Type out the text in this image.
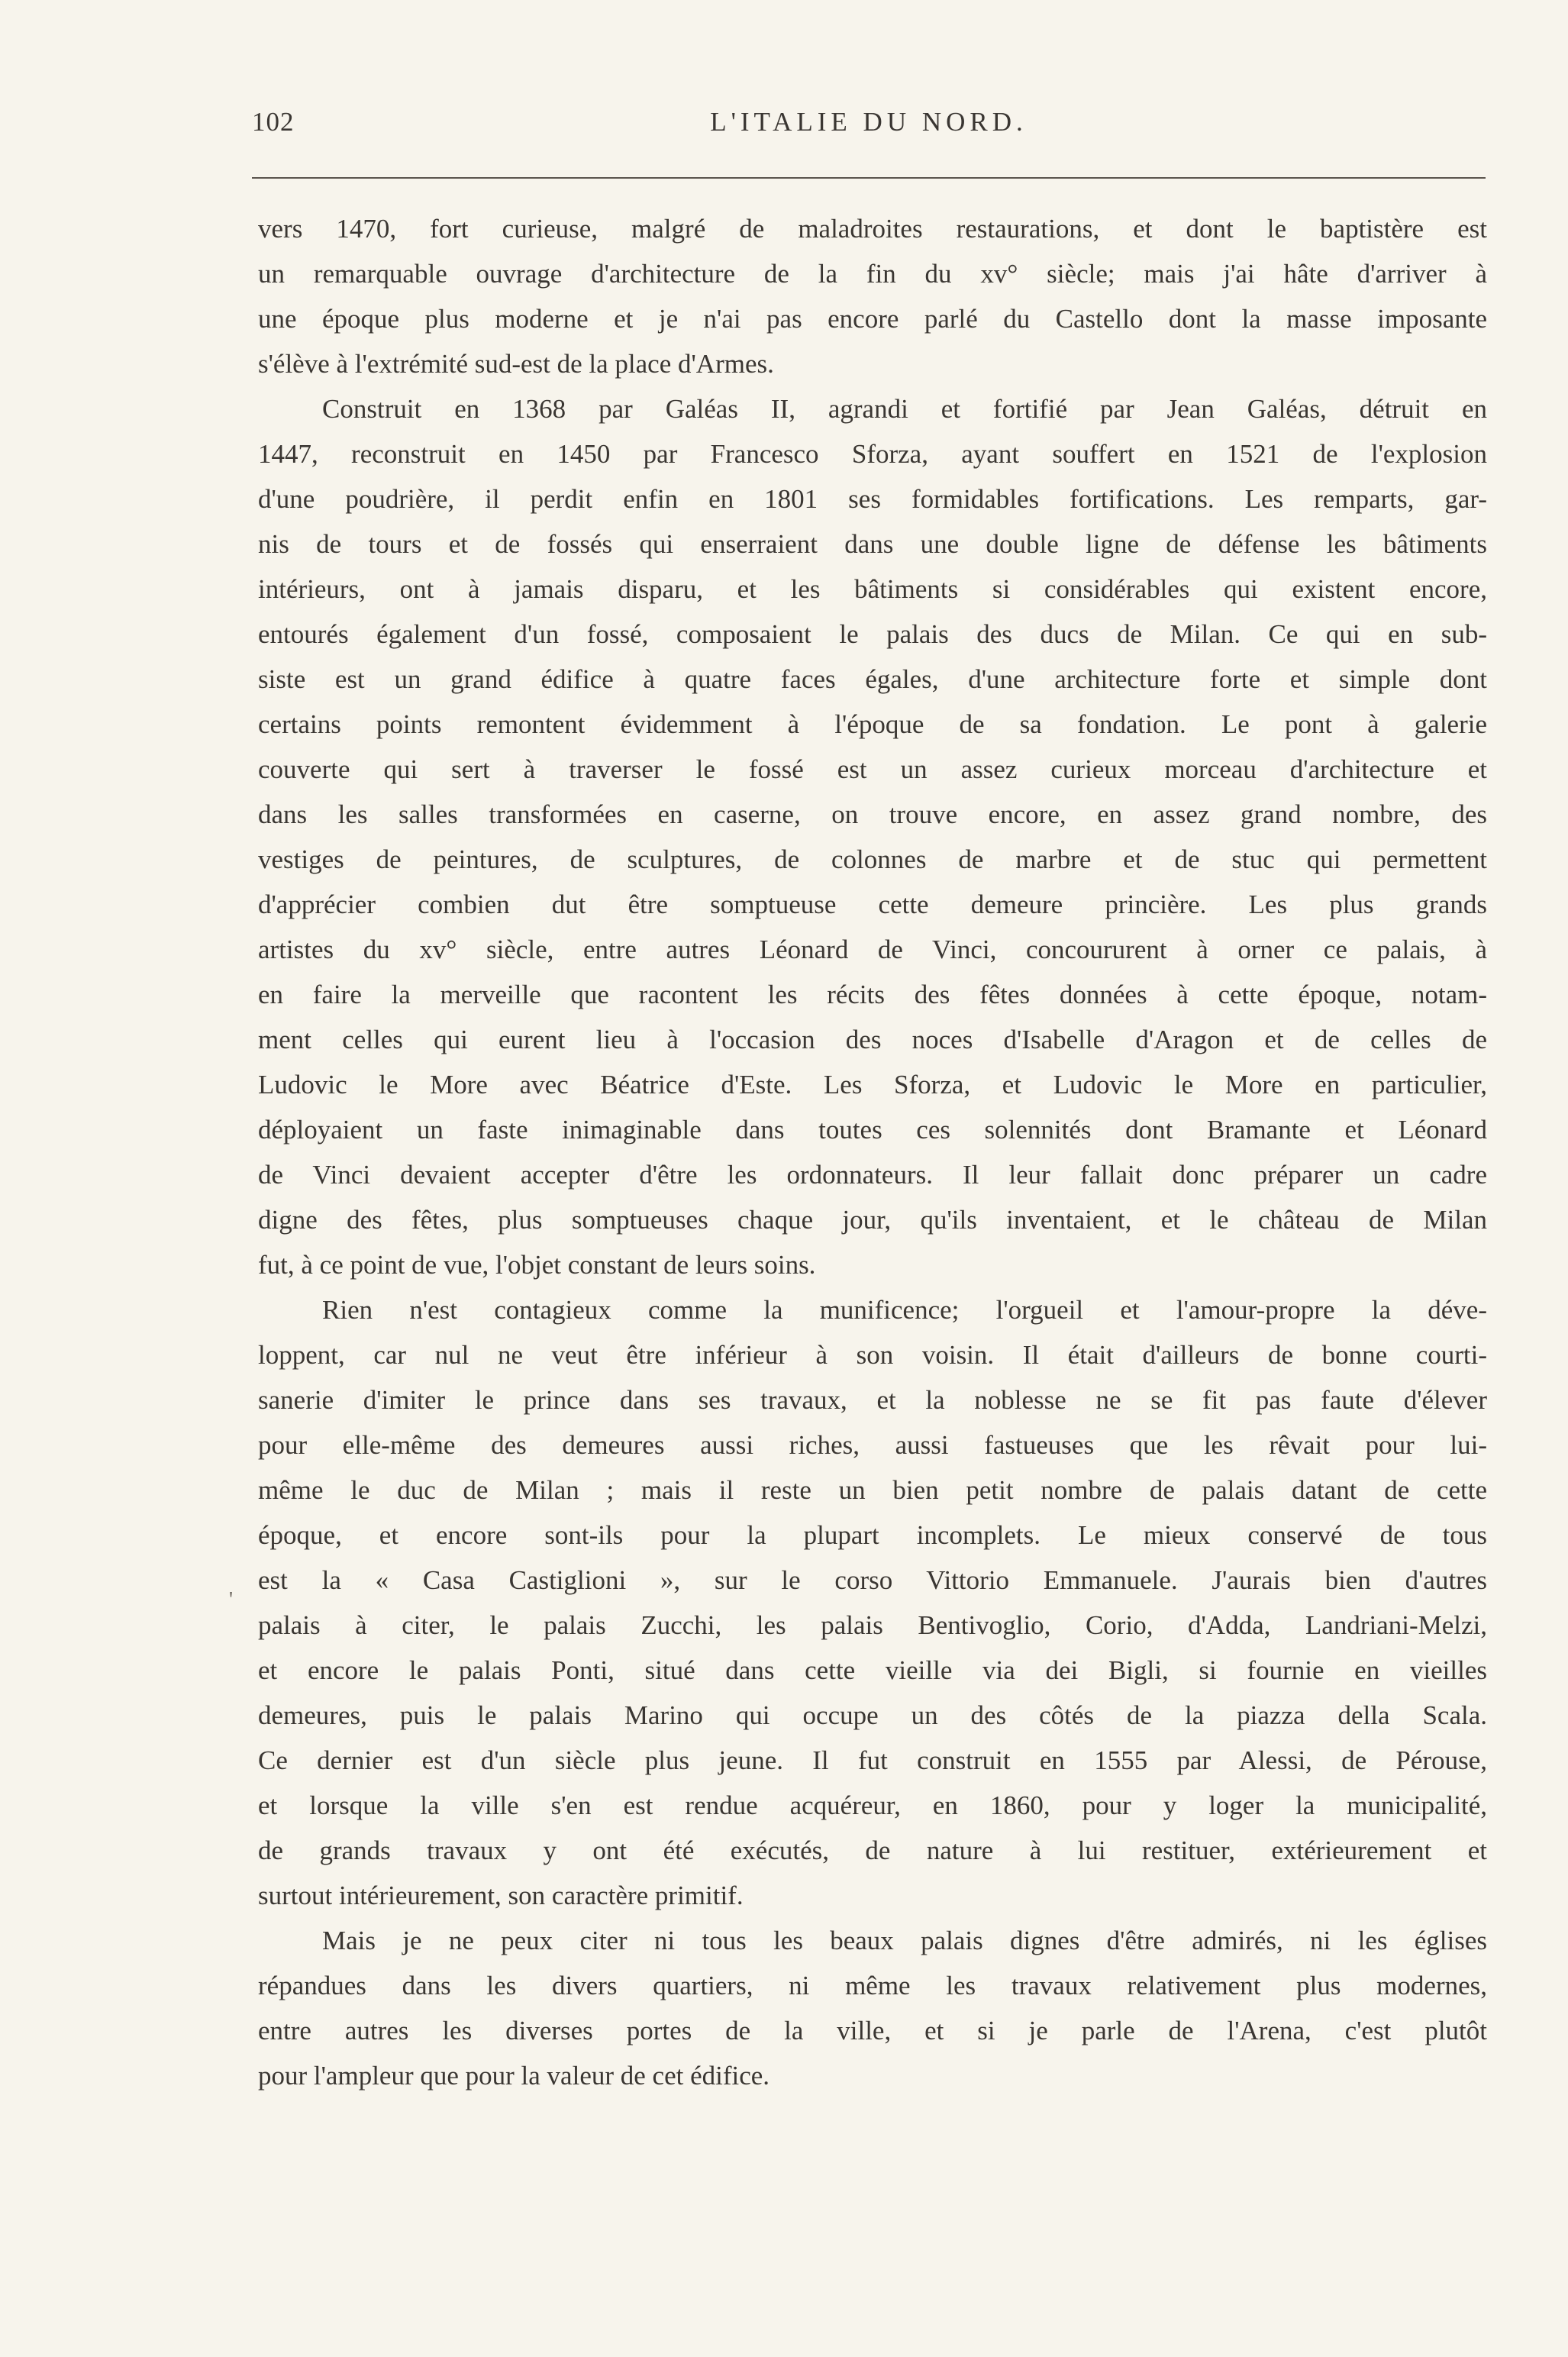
102	L'ITALIE DU NORD.
'
vers 1470, fort curieuse, malgré de maladroites restaurations, et dont le baptistère est
un remarquable ouvrage d'architecture de la fin du xv° siècle; mais j'ai hâte d'arriver à
une époque plus moderne et je n'ai pas encore parlé du Castello dont la masse imposante
s'élève à l'extrémité sud-est de la place d'Armes.
Construit en 1368 par Galéas II, agrandi et fortifié par Jean Galéas, détruit en
1447, reconstruit en 1450 par Francesco Sforza, ayant souffert en 1521 de l'explosion
d'une poudrière, il perdit enfin en 1801 ses formidables fortifications. Les remparts, gar-
nis de tours et de fossés qui enserraient dans une double ligne de défense les bâtiments
intérieurs, ont à jamais disparu, et les bâtiments si considérables qui existent encore,
entourés également d'un fossé, composaient le palais des ducs de Milan. Ce qui en sub-
siste est un grand édifice à quatre faces égales, d'une architecture forte et simple dont
certains points remontent évidemment à l'époque de sa fondation. Le pont à galerie
couverte qui sert à traverser le fossé est un assez curieux morceau d'architecture et
dans les salles transformées en caserne, on trouve encore, en assez grand nombre, des
vestiges de peintures, de sculptures, de colonnes de marbre et de stuc qui permettent
d'apprécier combien dut être somptueuse cette demeure princière. Les plus grands
artistes du xv° siècle, entre autres Léonard de Vinci, concoururent à orner ce palais, à
en faire la merveille que racontent les récits des fêtes données à cette époque, notam-
ment celles qui eurent lieu à l'occasion des noces d'Isabelle d'Aragon et de celles de
Ludovic le More avec Béatrice d'Este. Les Sforza, et Ludovic le More en particulier,
déployaient un faste inimaginable dans toutes ces solennités dont Bramante et Léonard
de Vinci devaient accepter d'être les ordonnateurs. Il leur fallait donc préparer un cadre
digne des fêtes, plus somptueuses chaque jour, qu'ils inventaient, et le château de Milan
fut, à ce point de vue, l'objet constant de leurs soins.
Rien n'est contagieux comme la munificence; l'orgueil et l'amour-propre la déve-
loppent, car nul ne veut être inférieur à son voisin. Il était d'ailleurs de bonne courti-
sanerie d'imiter le prince dans ses travaux, et la noblesse ne se fit pas faute d'élever
pour elle-même des demeures aussi riches, aussi fastueuses que les rêvait pour lui-
même le duc de Milan ; mais il reste un bien petit nombre de palais datant de cette
époque, et encore sont-ils pour la plupart incomplets. Le mieux conservé de tous
est la « Casa Castiglioni », sur le corso Vittorio Emmanuele. J'aurais bien d'autres
palais à citer, le palais Zucchi, les palais Bentivoglio, Corio, d'Adda, Landriani-Melzi,
et encore le palais Ponti, situé dans cette vieille via dei Bigli, si fournie en vieilles
demeures, puis le palais Marino qui occupe un des côtés de la piazza della Scala.
Ce dernier est d'un siècle plus jeune. Il fut construit en 1555 par Alessi, de Pérouse,
et lorsque la ville s'en est rendue acquéreur, en 1860, pour y loger la municipalité,
de grands travaux y ont été exécutés, de nature à lui restituer, extérieurement et
surtout intérieurement, son caractère primitif.
Mais je ne peux citer ni tous les beaux palais dignes d'être admirés, ni les églises
répandues dans les divers quartiers, ni même les travaux relativement plus modernes,
entre autres les diverses portes de la ville, et si je parle de l'Arena, c'est plutôt
pour l'ampleur que pour la valeur de cet édifice.
